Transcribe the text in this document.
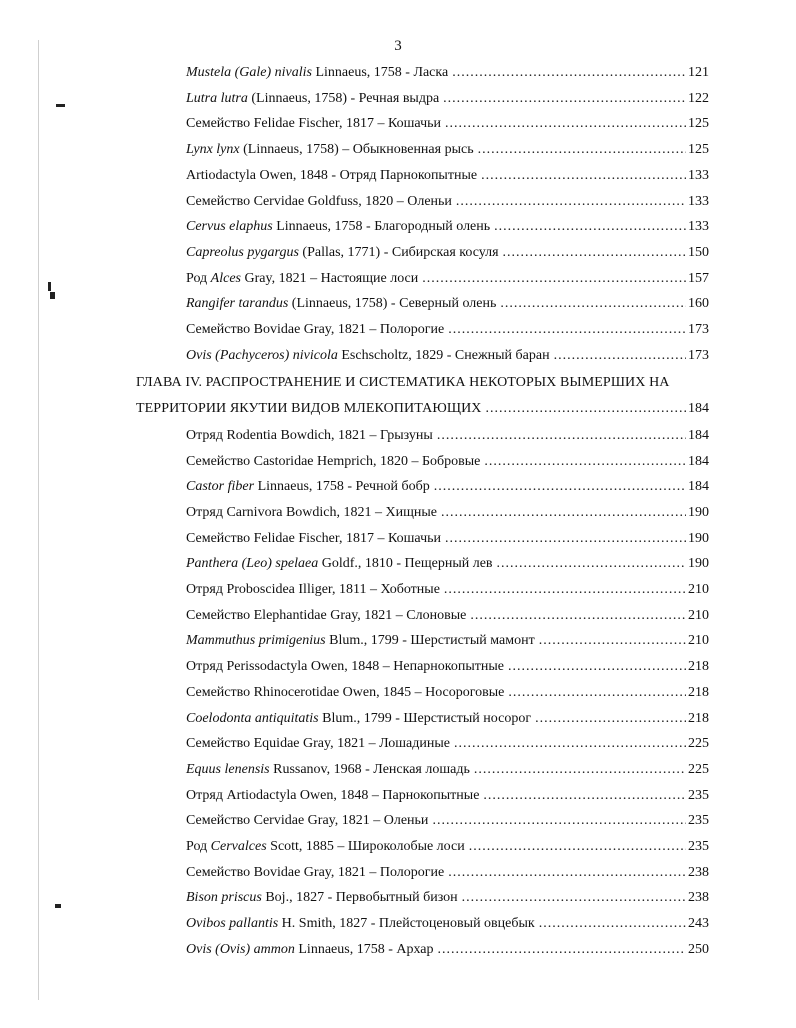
3
Mustela (Gale) nivalis Linnaeus, 1758 - Ласка .....	121
Lutra lutra (Linnaeus, 1758) - Речная выдра .....	122
Семейство Felidae Fischer, 1817 – Кошачьи .....	125
Lynx lynx (Linnaeus, 1758) – Обыкновенная рысь .....	125
Artiodactyla Owen, 1848 - Отряд Парнокопытные .....	133
Семейство Cervidae Goldfuss, 1820 – Оленьи .....	133
Cervus elaphus Linnaeus, 1758 - Благородный олень .....	133
Capreolus pygargus (Pallas, 1771) - Сибирская косуля .....	150
Род Alces Gray, 1821 – Настоящие лоси .....	157
Rangifer tarandus (Linnaeus, 1758) - Северный олень .....	160
Семейство Bovidae Gray, 1821 – Полорогие .....	173
Ovis (Pachyceros) nivicola Eschscholtz, 1829 - Снежный баран .....	173
ГЛАВА IV. РАСПРОСТРАНЕНИЕ И СИСТЕМАТИКА НЕКОТОРЫХ ВЫМЕРШИХ НА
ТЕРРИТОРИИ ЯКУТИИ ВИДОВ МЛЕКОПИТАЮЩИХ .....	184
Отряд Rodentia Bowdich, 1821 – Грызуны .....	184
Семейство Castoridae Hemprich, 1820 – Бобровые .....	184
Castor fiber Linnaeus, 1758 - Речной бобр .....	184
Отряд Carnivora Bowdich, 1821 – Хищные .....	190
Семейство Felidae Fischer, 1817 – Кошачьи .....	190
Panthera (Leo) spelaea Goldf., 1810 - Пещерный лев .....	190
Отряд Proboscidea Illiger, 1811 – Хоботные .....	210
Семейство Elephantidae Gray, 1821 – Слоновые .....	210
Mammuthus primigenius Blum., 1799 - Шерстистый мамонт .....	210
Отряд Perissodactyla Owen, 1848 – Непарнокопытные .....	218
Семейство Rhinocerotidae Owen, 1845 – Носороговые .....	218
Coelodonta antiquitatis Blum., 1799 - Шерстистый носорог .....	218
Семейство Equidae Gray, 1821 – Лошадиные .....	225
Equus lenensis Russanov, 1968 - Ленская лошадь .....	225
Отряд Artiodactyla Owen, 1848 – Парнокопытные .....	235
Семейство Cervidae Gray, 1821 – Оленьи .....	235
Род Cervalces Scott, 1885 – Широколобые лоси .....	235
Семейство Bovidae Gray, 1821 – Полорогие .....	238
Bison priscus Boj., 1827 - Первобытный бизон .....	238
Ovibos pallantis H. Smith, 1827 - Плейстоценовый овцебык .....	243
Ovis (Ovis) ammon Linnaeus, 1758 - Архар .....	250
